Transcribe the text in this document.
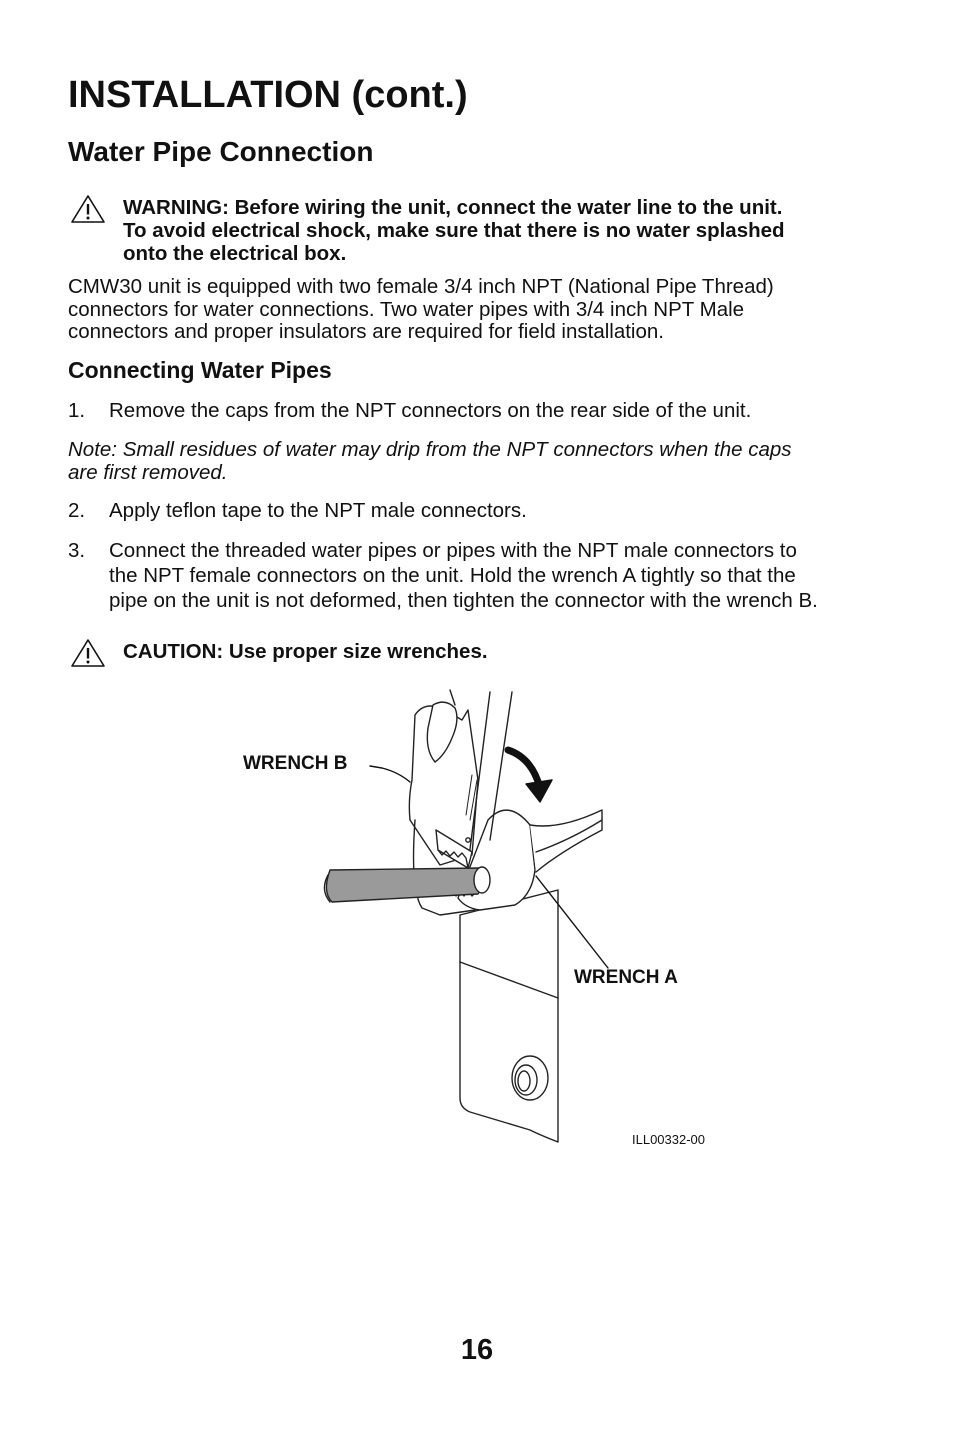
INSTALLATION (cont.)
Water Pipe Connection
WARNING: Before wiring the unit, connect the water line to the unit.
To avoid electrical shock, make sure that there is no water splashed
onto the electrical box.
CMW30 unit is equipped with two female 3/4 inch NPT (National Pipe Thread)
connectors for water connections. Two water pipes with 3/4 inch NPT Male
connectors and proper insulators are required for field installation.
Connecting Water Pipes
1. Remove the caps from the NPT connectors on the rear side of the unit.
Note: Small residues of water may drip from the NPT connectors when the caps
are first removed.
2. Apply teflon tape to the NPT male connectors.
3. Connect the threaded water pipes or pipes with the NPT male connectors to
the NPT female connectors on the unit. Hold the wrench A tightly so that the
pipe on the unit is not deformed, then tighten the connector with the wrench B.
CAUTION: Use proper size wrenches.
WRENCH B
WRENCH A
ILL00332-00
16
